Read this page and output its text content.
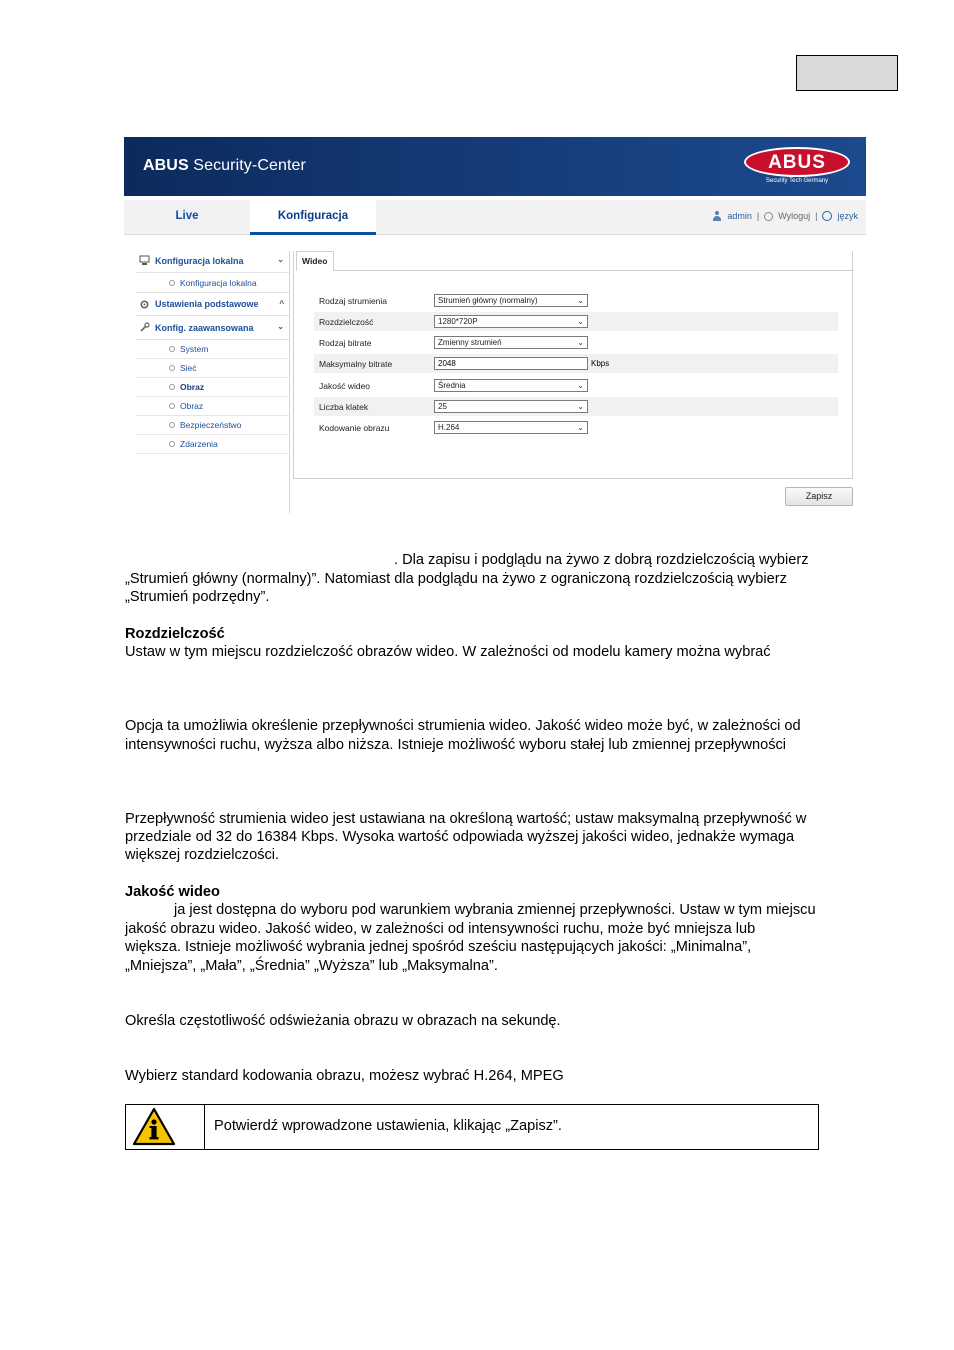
ABUS Security-Center	ABUS
Security Tech Germany
Live	Konfiguracja	admin | Wyloguj | język
Konfiguracja lokalna	⌄
Konfiguracja lokalna
Ustawienia podstawowe	^
Konfig. zaawansowana	⌄
System
Sieć
Obraz
Obraz
Bezpieczeństwo
Zdarzenia
Wideo
Rodzaj strumienia	Strumień główny (normalny)	⌄
Rozdzielczość	1280*720P	⌄
Rodzaj bitrate	Zmienny strumień	⌄
Maksymalny bitrate	2048	Kbps
Jakość wideo	Średnia	⌄
Liczba klatek	25	⌄
Kodowanie obrazu	H.264	⌄
Zapisz
. Dla zapisu i podglądu na żywo z dobrą rozdzielczością wybierz
„Strumień główny (normalny)”. Natomiast dla podglądu na żywo z ograniczoną rozdzielczością wybierz
„Strumień podrzędny”.
Rozdzielczość
Ustaw w tym miejscu rozdzielczość obrazów wideo. W zależności od modelu kamery można wybrać
Opcja ta umożliwia określenie przepływności strumienia wideo. Jakość wideo może być, w zależności od
intensywności ruchu, wyższa albo niższa. Istnieje możliwość wyboru stałej lub zmiennej przepływności
Przepływność strumienia wideo jest ustawiana na określoną wartość; ustaw maksymalną przepływność w
przedziale od 32 do 16384 Kbps. Wysoka wartość odpowiada wyższej jakości wideo, jednakże wymaga
większej rozdzielczości.
Jakość wideo
ja jest dostępna do wyboru pod warunkiem wybrania zmiennej przepływności. Ustaw w tym miejscu
jakość obrazu wideo. Jakość wideo, w zależności od intensywności ruchu, może być mniejsza lub
większa. Istnieje możliwość wybrania jednej spośród sześciu następujących jakości: „Minimalna”,
„Mniejsza”, „Mała”, „Średnia” „Wyższa” lub „Maksymalna”.
Określa częstotliwość odświeżania obrazu w obrazach na sekundę.
Wybierz standard kodowania obrazu, możesz wybrać H.264, MPEG
Potwierdź wprowadzone ustawienia, klikając „Zapisz”.
